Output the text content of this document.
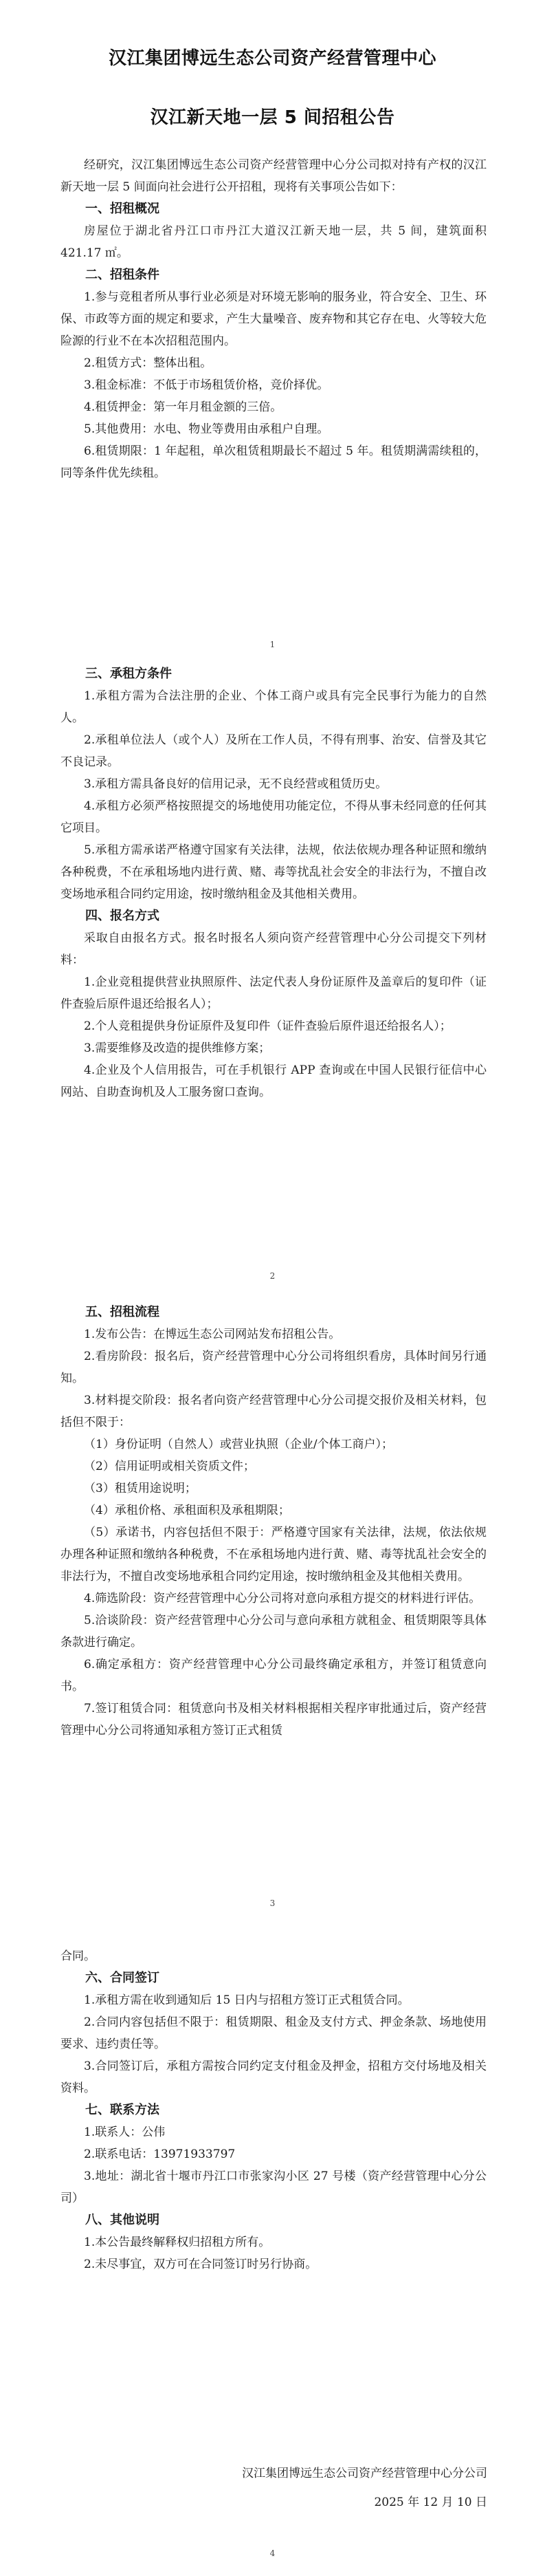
汉江集团博远生态公司资产经营管理中心
汉江新天地一层 5 间招租公告

经研究，汉江集团博远生态公司资产经营管理中心分公司拟对持有产权的汉江新天地一层 5 间面向社会进行公开招租，现将有关事项公告如下：

一、招租概况

房屋位于湖北省丹江口市丹江大道汉江新天地一层，共 5 间，建筑面积 421.17 ㎡。

二、招租条件

1.参与竞租者所从事行业必须是对环境无影响的服务业，符合安全、卫生、环保、市政等方面的规定和要求，产生大量噪音、废弃物和其它存在电、火等较大危险源的行业不在本次招租范围内。

2.租赁方式：整体出租。

3.租金标准：不低于市场租赁价格，竞价择优。

4.租赁押金：第一年月租金额的三倍。

5.其他费用：水电、物业等费用由承租户自理。

6.租赁期限：1 年起租，单次租赁租期最长不超过 5 年。租赁期满需续租的，同等条件优先续租。

1

三、承租方条件

1.承租方需为合法注册的企业、个体工商户或具有完全民事行为能力的自然人。

2.承租单位法人（或个人）及所在工作人员，不得有刑事、治安、信誉及其它不良记录。

3.承租方需具备良好的信用记录，无不良经营或租赁历史。

4.承租方必须严格按照提交的场地使用功能定位，不得从事未经同意的任何其它项目。

5.承租方需承诺严格遵守国家有关法律，法规，依法依规办理各种证照和缴纳各种税费，不在承租场地内进行黄、赌、毒等扰乱社会安全的非法行为，不擅自改变场地承租合同约定用途，按时缴纳租金及其他相关费用。

四、报名方式

采取自由报名方式。报名时报名人须向资产经营管理中心分公司提交下列材料：

1.企业竞租提供营业执照原件、法定代表人身份证原件及盖章后的复印件（证件查验后原件退还给报名人）；

2.个人竞租提供身份证原件及复印件（证件查验后原件退还给报名人）；

3.需要维修及改造的提供维修方案；

4.企业及个人信用报告，可在手机银行 APP 查询或在中国人民银行征信中心网站、自助查询机及人工服务窗口查询。

2

五、招租流程

1.发布公告：在博远生态公司网站发布招租公告。

2.看房阶段：报名后，资产经营管理中心分公司将组织看房，具体时间另行通知。

3.材料提交阶段：报名者向资产经营管理中心分公司提交报价及相关材料，包括但不限于：

（1）身份证明（自然人）或营业执照（企业/个体工商户）；

（2）信用证明或相关资质文件；

（3）租赁用途说明；

（4）承租价格、承租面积及承租期限；

（5）承诺书，内容包括但不限于：严格遵守国家有关法律，法规，依法依规办理各种证照和缴纳各种税费，不在承租场地内进行黄、赌、毒等扰乱社会安全的非法行为，不擅自改变场地承租合同约定用途，按时缴纳租金及其他相关费用。

4.筛选阶段：资产经营管理中心分公司将对意向承租方提交的材料进行评估。

5.洽谈阶段：资产经营管理中心分公司与意向承租方就租金、租赁期限等具体条款进行确定。

6.确定承租方：资产经营管理中心分公司最终确定承租方，并签订租赁意向书。

7.签订租赁合同：租赁意向书及相关材料根据相关程序审批通过后，资产经营管理中心分公司将通知承租方签订正式租赁

3

合同。

六、合同签订

1.承租方需在收到通知后 15 日内与招租方签订正式租赁合同。

2.合同内容包括但不限于：租赁期限、租金及支付方式、押金条款、场地使用要求、违约责任等。

3.合同签订后，承租方需按合同约定支付租金及押金，招租方交付场地及相关资料。

七、联系方法

1.联系人：公伟

2.联系电话：13971933797

3.地址：湖北省十堰市丹江口市张家沟小区 27 号楼（资产经营管理中心分公司）

八、其他说明

1.本公告最终解释权归招租方所有。

2.未尽事宜，双方可在合同签订时另行协商。

汉江集团博远生态公司资产经营管理中心分公司
2025 年 12 月 10 日
4
